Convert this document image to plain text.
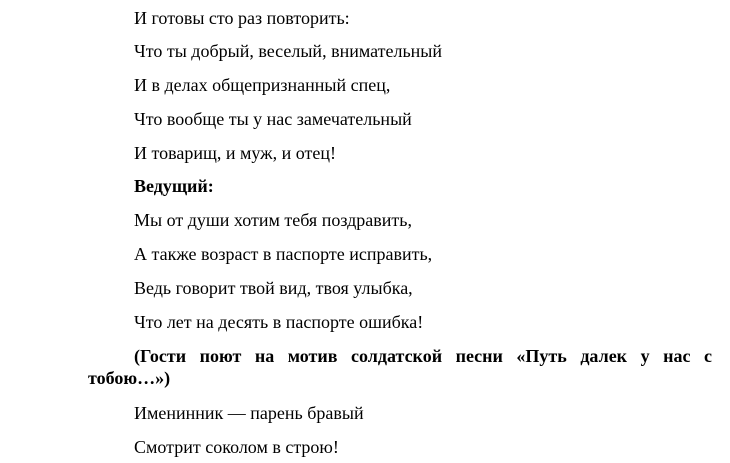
И готовы сто раз повторить:
Что ты добрый, веселый, внимательный
И в делах общепризнанный спец,
Что вообще ты у нас замечательный
И товарищ, и муж, и отец!
Ведущий:
Мы от души хотим тебя поздравить,
А также возраст в паспорте исправить,
Ведь говорит твой вид, твоя улыбка,
Что лет на десять в паспорте ошибка!
(Гости поют на мотив солдатской песни «Путь далек у нас с
тобою…»)
Именинник — парень бравый
Смотрит соколом в строю!
